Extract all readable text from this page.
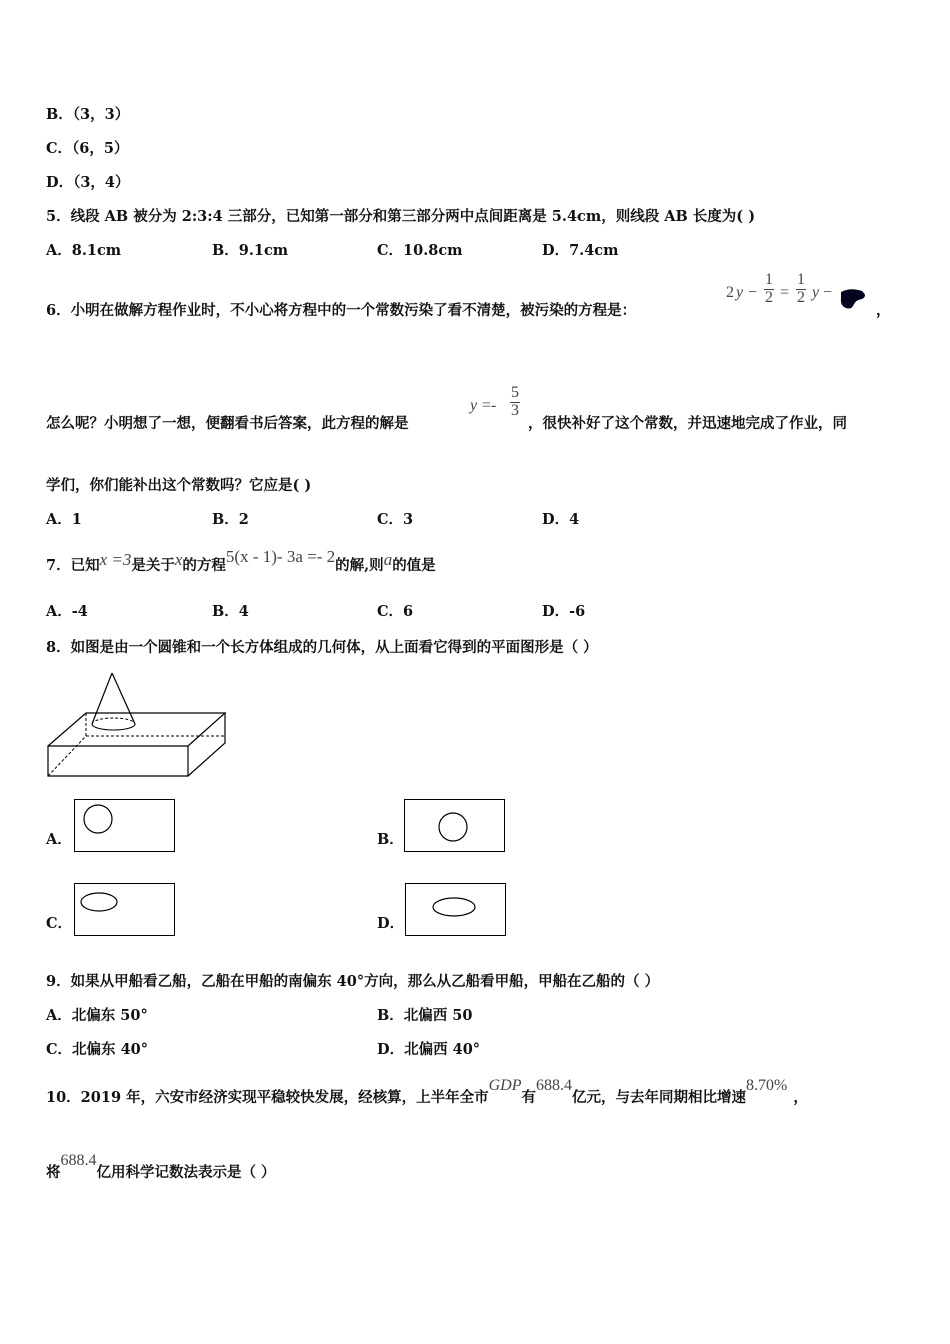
B．（3，3）
C．（6，5）
D．（3，4）
5．线段 AB 被分为 2:3:4 三部分，已知第一部分和第三部分两中点间距离是 5.4cm，则线段 AB 长度为( )
A．8.1cm	B．9.1cm	C．10.8cm	D．7.4cm
6．小明在做解方程作业时，不小心将方程中的一个常数污染了看不清楚，被污染的方程是：
2 $y - \frac{1}{2} = \frac{1}{2}$ y −
，
怎么呢？小明想了一想，便翻看书后答案，此方程的解是
$y =- \frac{5}{3}$
，很快补好了这个常数，并迅速地完成了作业，同
学们，你们能补出这个常数吗？它应是( )
A．1	B．2	C．3	D．4
7．已知x =3是关于x的方程5(x - 1)- 3a =- 2的解,则a的值是
A．-4	B．4	C．6	D．-6
8．如图是由一个圆锥和一个长方体组成的几何体，从上面看它得到的平面图形是（ ）
A．	B．
C．	D．
9．如果从甲船看乙船，乙船在甲船的南偏东 40°方向，那么从乙船看甲船，甲船在乙船的（ ）
A．北偏东 50°	B．北偏西 50
C．北偏东 40°	D．北偏西 40°
10．2019 年，六安市经济实现平稳较快发展，经核算，上半年全市GDP有688.4亿元，与去年同期相比增速8.70%，
将688.4亿用科学记数法表示是（ ）
